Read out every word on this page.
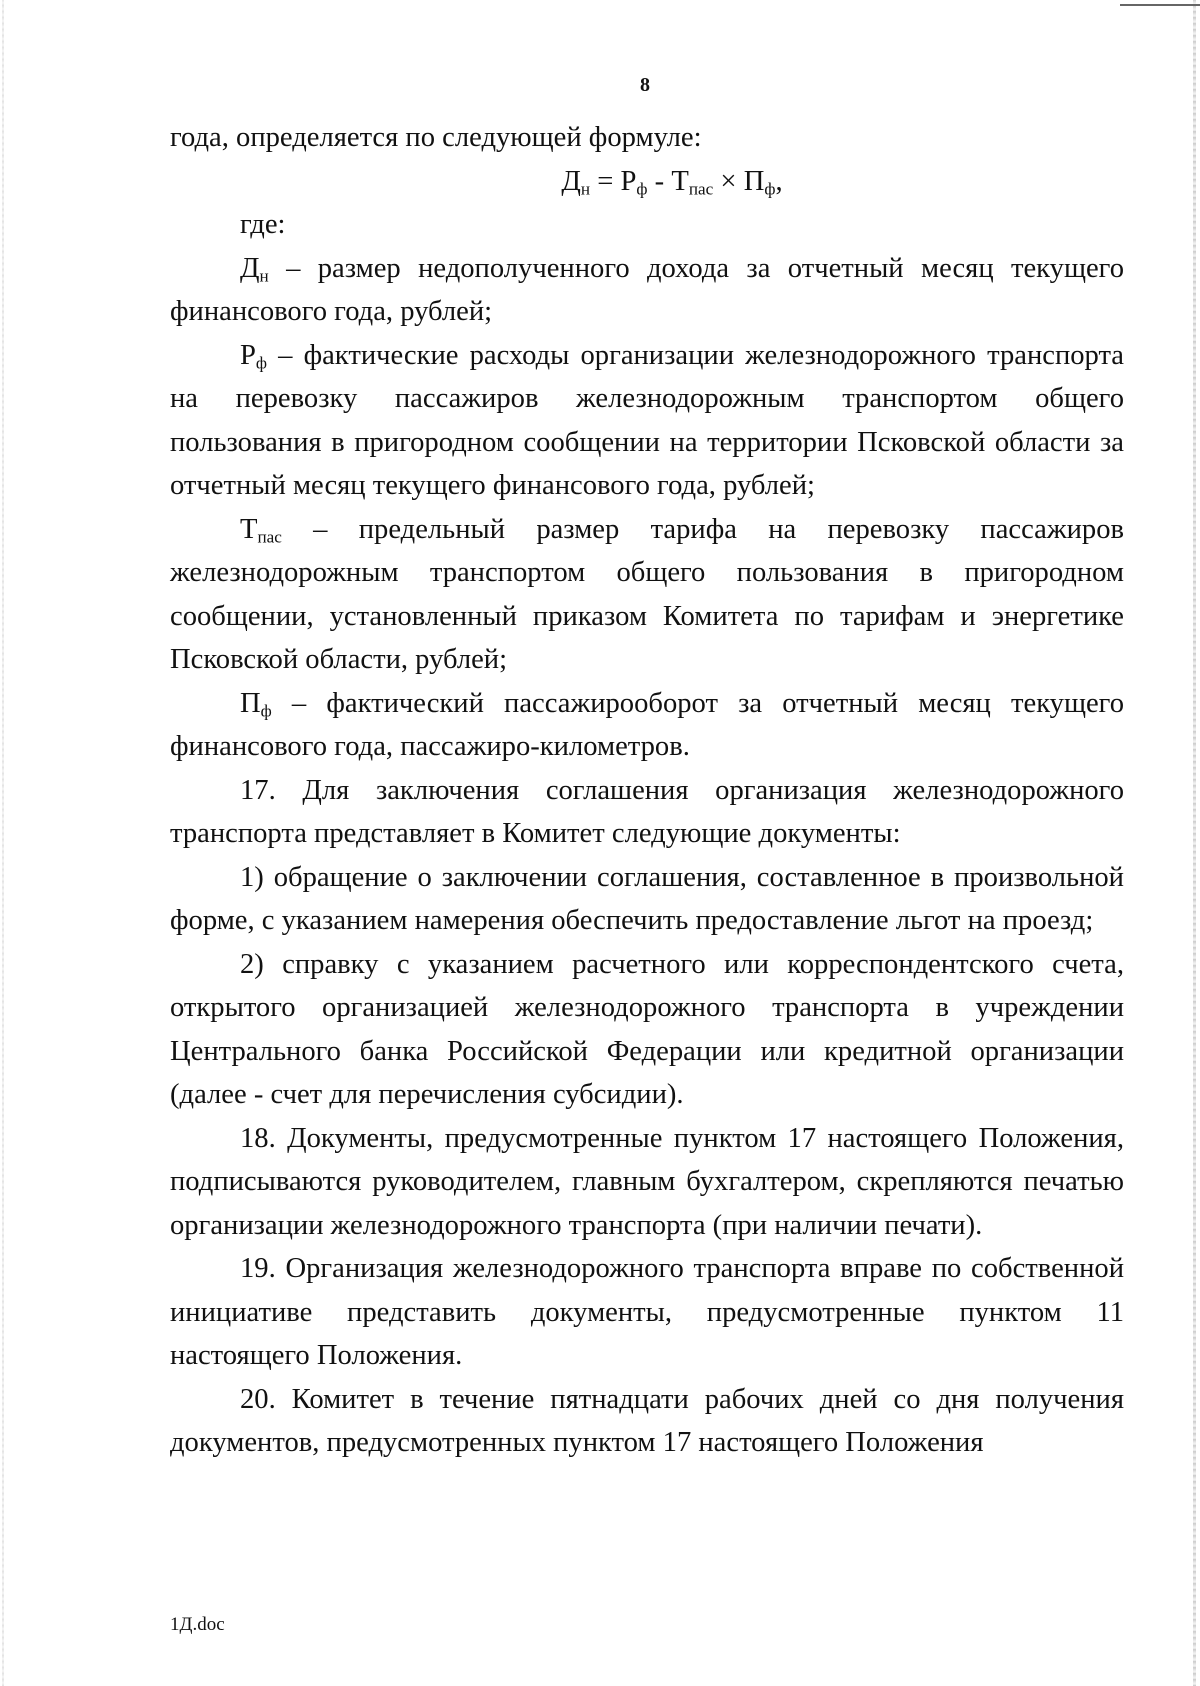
8

года, определяется по следующей формуле:

$Д_н = Р_ф - Т_{пас} \times П_ф$,

где:

$Д_н$ – размер недополученного дохода за отчетный месяц текущего финансового года, рублей;

$Р_ф$ – фактические расходы организации железнодорожного транспорта на перевозку пассажиров железнодорожным транспортом общего пользования в пригородном сообщении на территории Псковской области за отчетный месяц текущего финансового года, рублей;

$Т_{пас}$ – предельный размер тарифа на перевозку пассажиров железнодорожным транспортом общего пользования в пригородном сообщении, установленный приказом Комитета по тарифам и энергетике Псковской области, рублей;

$П_ф$ – фактический пассажирооборот за отчетный месяц текущего финансового года, пассажиро-километров.

17. Для заключения соглашения организация железнодорожного транспорта представляет в Комитет следующие документы:

1) обращение о заключении соглашения, составленное в произвольной форме, с указанием намерения обеспечить предоставление льгот на проезд;

2) справку с указанием расчетного или корреспондентского счета, открытого организацией железнодорожного транспорта в учреждении Центрального банка Российской Федерации или кредитной организации (далее - счет для перечисления субсидии).

18. Документы, предусмотренные пунктом 17 настоящего Положения, подписываются руководителем, главным бухгалтером, скрепляются печатью организации железнодорожного транспорта (при наличии печати).

19. Организация железнодорожного транспорта вправе по собственной инициативе представить документы, предусмотренные пунктом 11 настоящего Положения.

20. Комитет в течение пятнадцати рабочих дней со дня получения документов, предусмотренных пунктом 17 настоящего Положения

1Д.doc
